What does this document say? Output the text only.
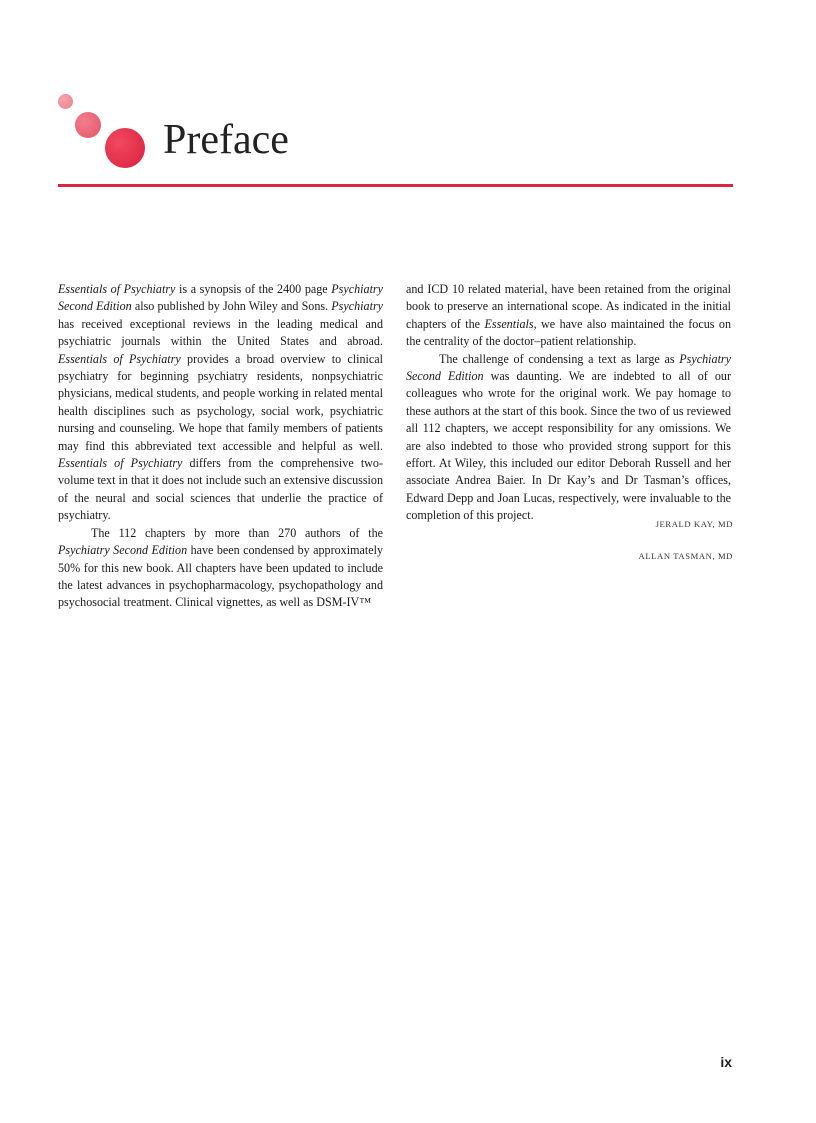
Preface

Essentials of Psychiatry is a synopsis of the 2400 page Psychiatry Second Edition also published by John Wiley and Sons. Psychiatry has received exceptional reviews in the leading medical and psychiatric journals within the United States and abroad. Essentials of Psychiatry provides a broad overview to clinical psychiatry for beginning psychiatry residents, nonpsychiatric physicians, medical students, and people working in related mental health disciplines such as psychology, social work, psychiatric nursing and counseling. We hope that family members of patients may find this abbreviated text accessible and helpful as well. Essentials of Psychiatry differs from the comprehensive two-volume text in that it does not include such an extensive discussion of the neural and social sciences that underlie the practice of psychiatry.

The 112 chapters by more than 270 authors of the Psychiatry Second Edition have been condensed by approximately 50% for this new book. All chapters have been updated to include the latest advances in psychopharmacology, psychopathology and psychosocial treatment. Clinical vignettes, as well as DSM-IV™

and ICD 10 related material, have been retained from the original book to preserve an international scope. As indicated in the initial chapters of the Essentials, we have also maintained the focus on the centrality of the doctor–patient relationship.

The challenge of condensing a text as large as Psychiatry Second Edition was daunting. We are indebted to all of our colleagues who wrote for the original work. We pay homage to these authors at the start of this book. Since the two of us reviewed all 112 chapters, we accept responsibility for any omissions. We are also indebted to those who provided strong support for this effort. At Wiley, this included our editor Deborah Russell and her associate Andrea Baier. In Dr Kay’s and Dr Tasman’s offices, Edward Depp and Joan Lucas, respectively, were invaluable to the completion of this project.

JERALD KAY, MD
ALLAN TASMAN, MD
ix
